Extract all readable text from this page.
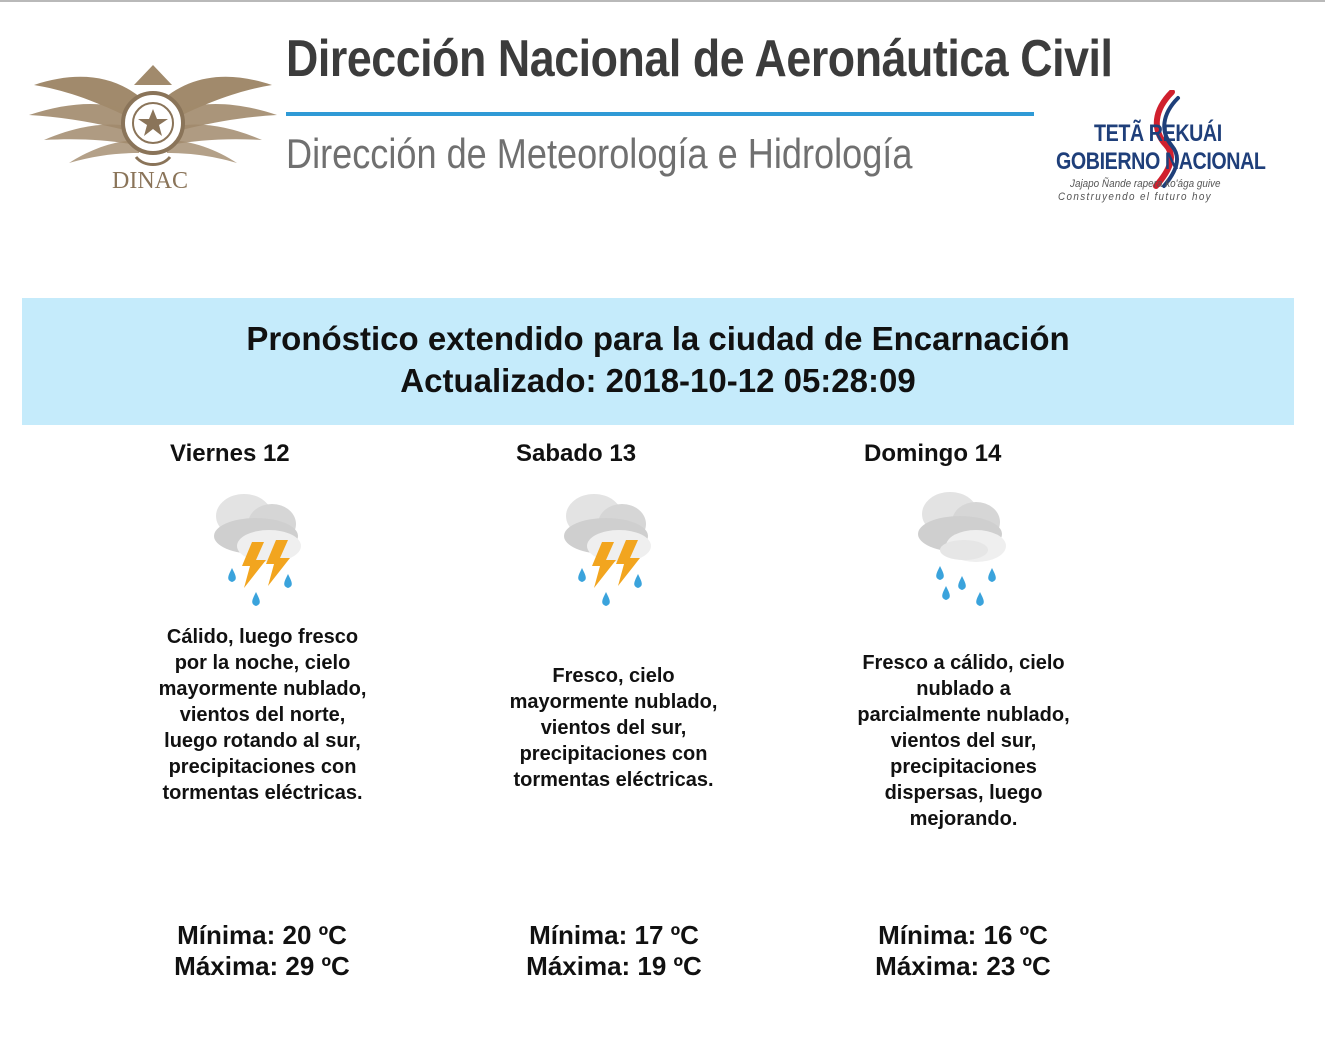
DINAC
Dirección Nacional de Aeronáutica Civil
Dirección de Meteorología e Hidrología	TETÃ REKUÁI
GOBIERNO NACIONAL
Jajapo Ñande rapera ko'ága guive
Construyendo el futuro hoy
Pronóstico extendido para la ciudad de Encarnación
Actualizado: 2018-10-12 05:28:09
Viernes 12
Cálido, luego fresco por la noche, cielo mayormente nublado, vientos del norte, luego rotando al sur, precipitaciones con tormentas eléctricas.
Mínima: 20 ºC
Máxima: 29 ºC
Sabado 13
Fresco, cielo mayormente nublado, vientos del sur, precipitaciones con tormentas eléctricas.
Mínima: 17 ºC
Máxima: 19 ºC
Domingo 14
Fresco a cálido, cielo nublado a parcialmente nublado, vientos del sur, precipitaciones dispersas, luego mejorando.
Mínima: 16 ºC
Máxima: 23 ºC
